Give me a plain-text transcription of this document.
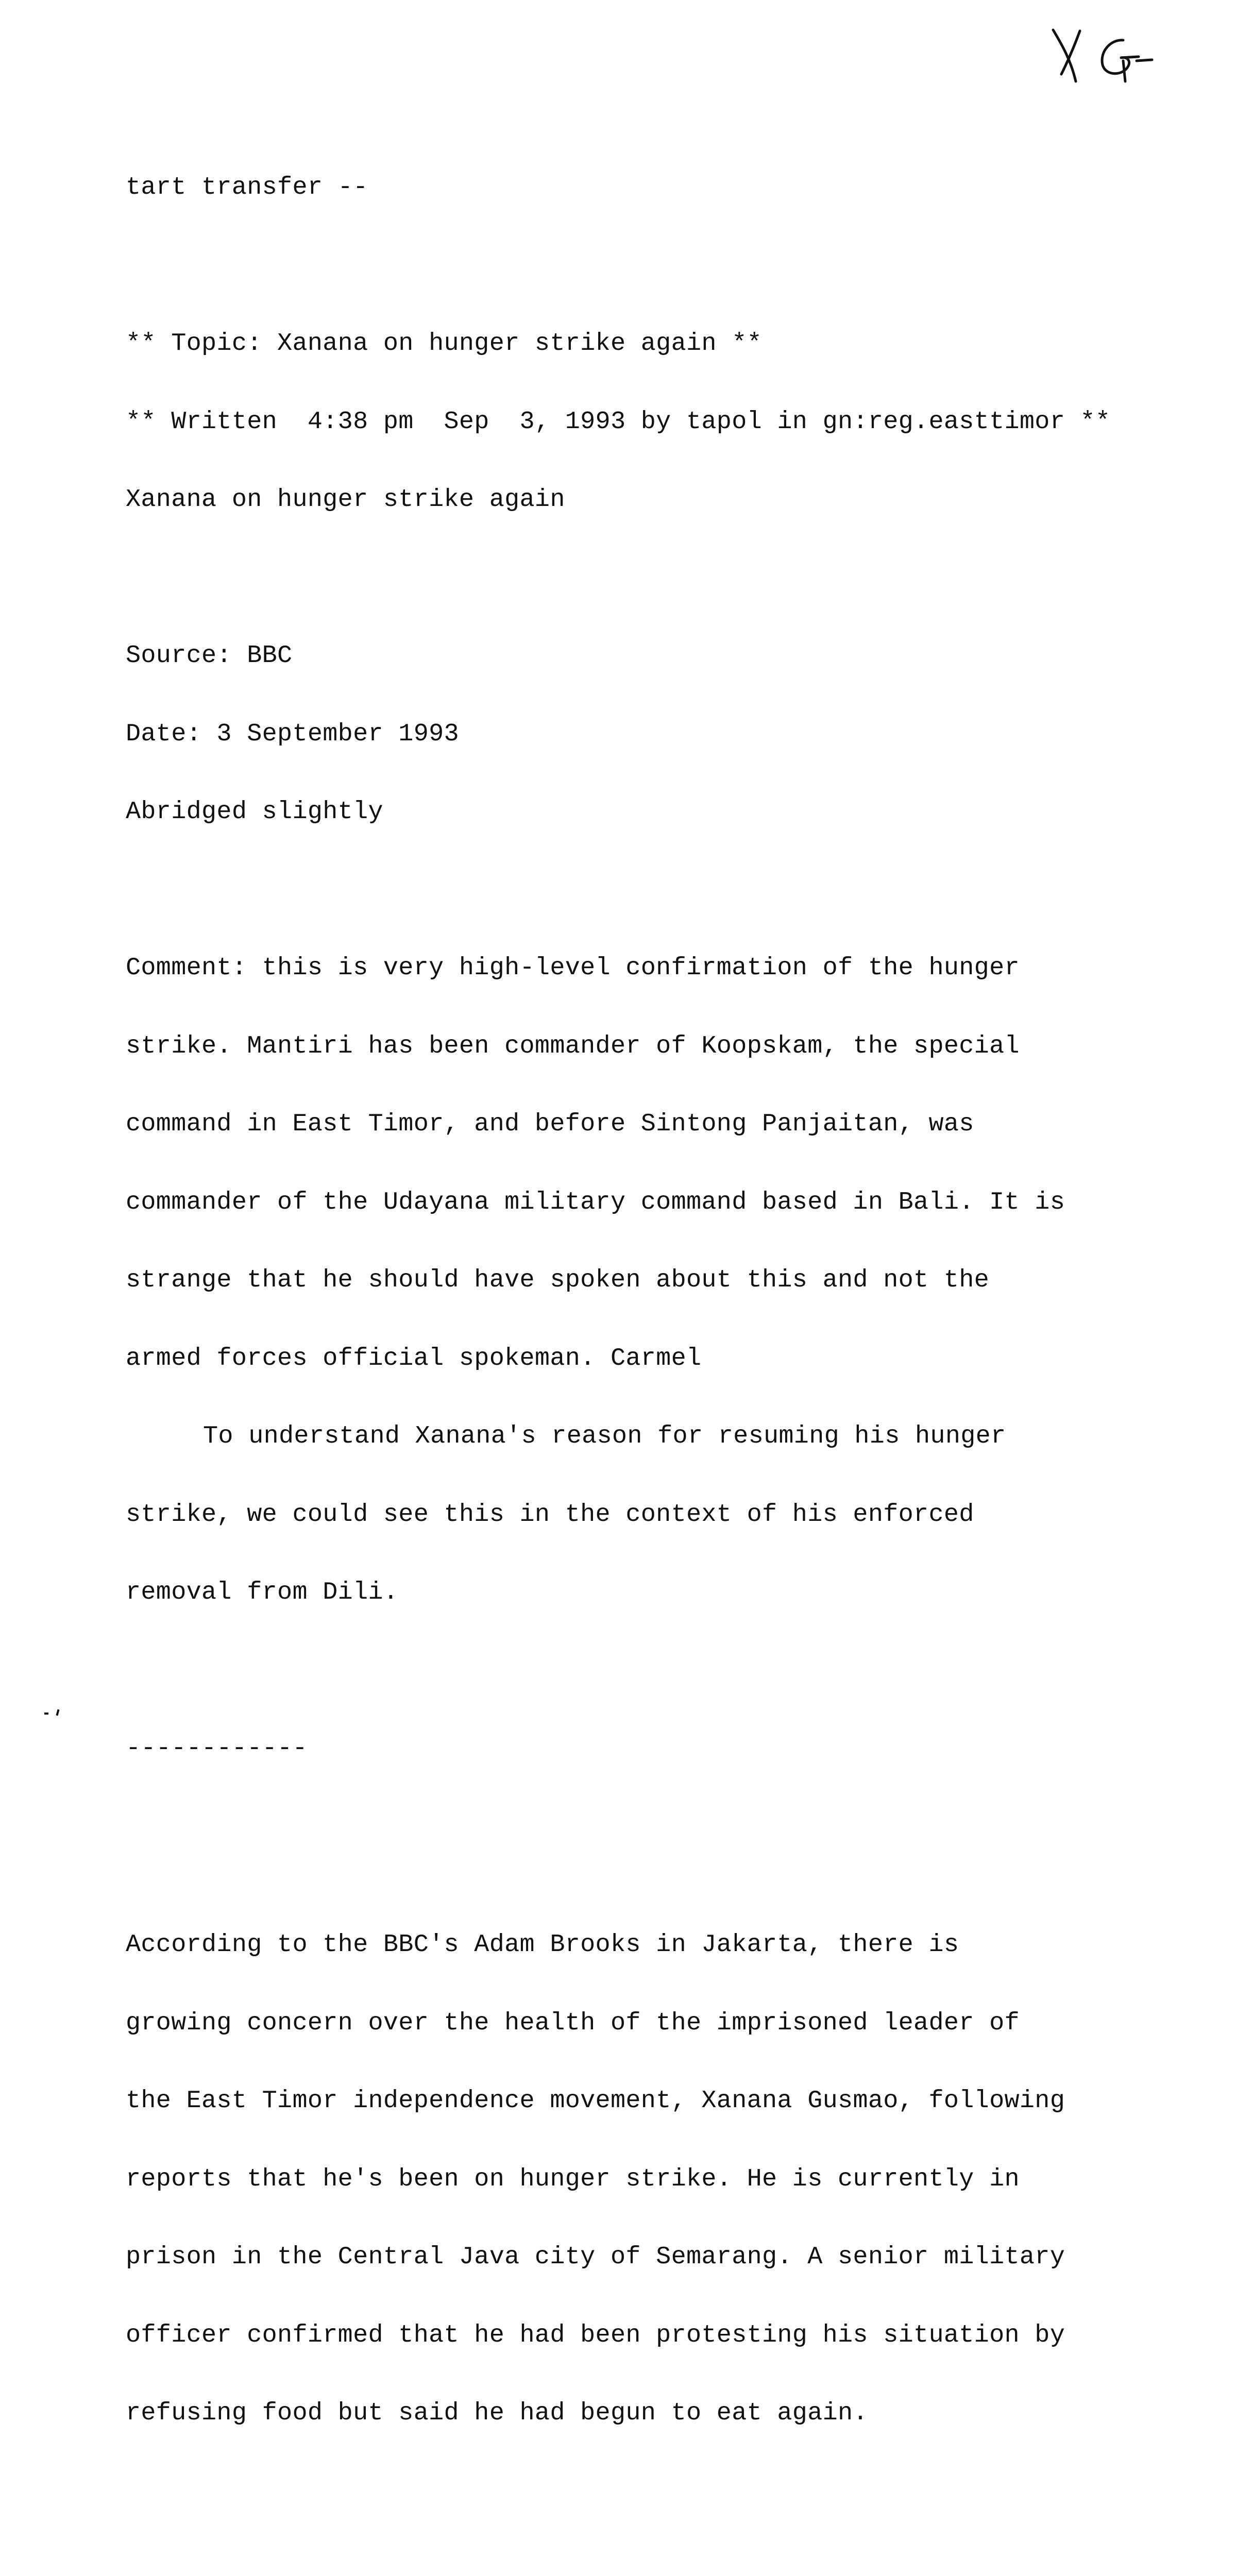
tart transfer --

** Topic: Xanana on hunger strike again **

** Written  4:38 pm  Sep  3, 1993 by tapol in gn:reg.easttimor **

Xanana on hunger strike again

Source: BBC

Date: 3 September 1993

Abridged slightly

Comment: this is very high-level confirmation of the hunger

strike. Mantiri has been commander of Koopskam, the special

command in East Timor, and before Sintong Panjaitan, was

commander of the Udayana military command based in Bali. It is

strange that he should have spoken about this and not the

armed forces official spokeman. Carmel

To understand Xanana's reason for resuming his hunger

strike, we could see this in the context of his enforced

removal from Dili.

------------

According to the BBC's Adam Brooks in Jakarta, there is

growing concern over the health of the imprisoned leader of

the East Timor independence movement, Xanana Gusmao, following

reports that he's been on hunger strike. He is currently in

prison in the Central Java city of Semarang. A senior military

officer confirmed that he had been protesting his situation by

refusing food but said he had begun to eat again.
